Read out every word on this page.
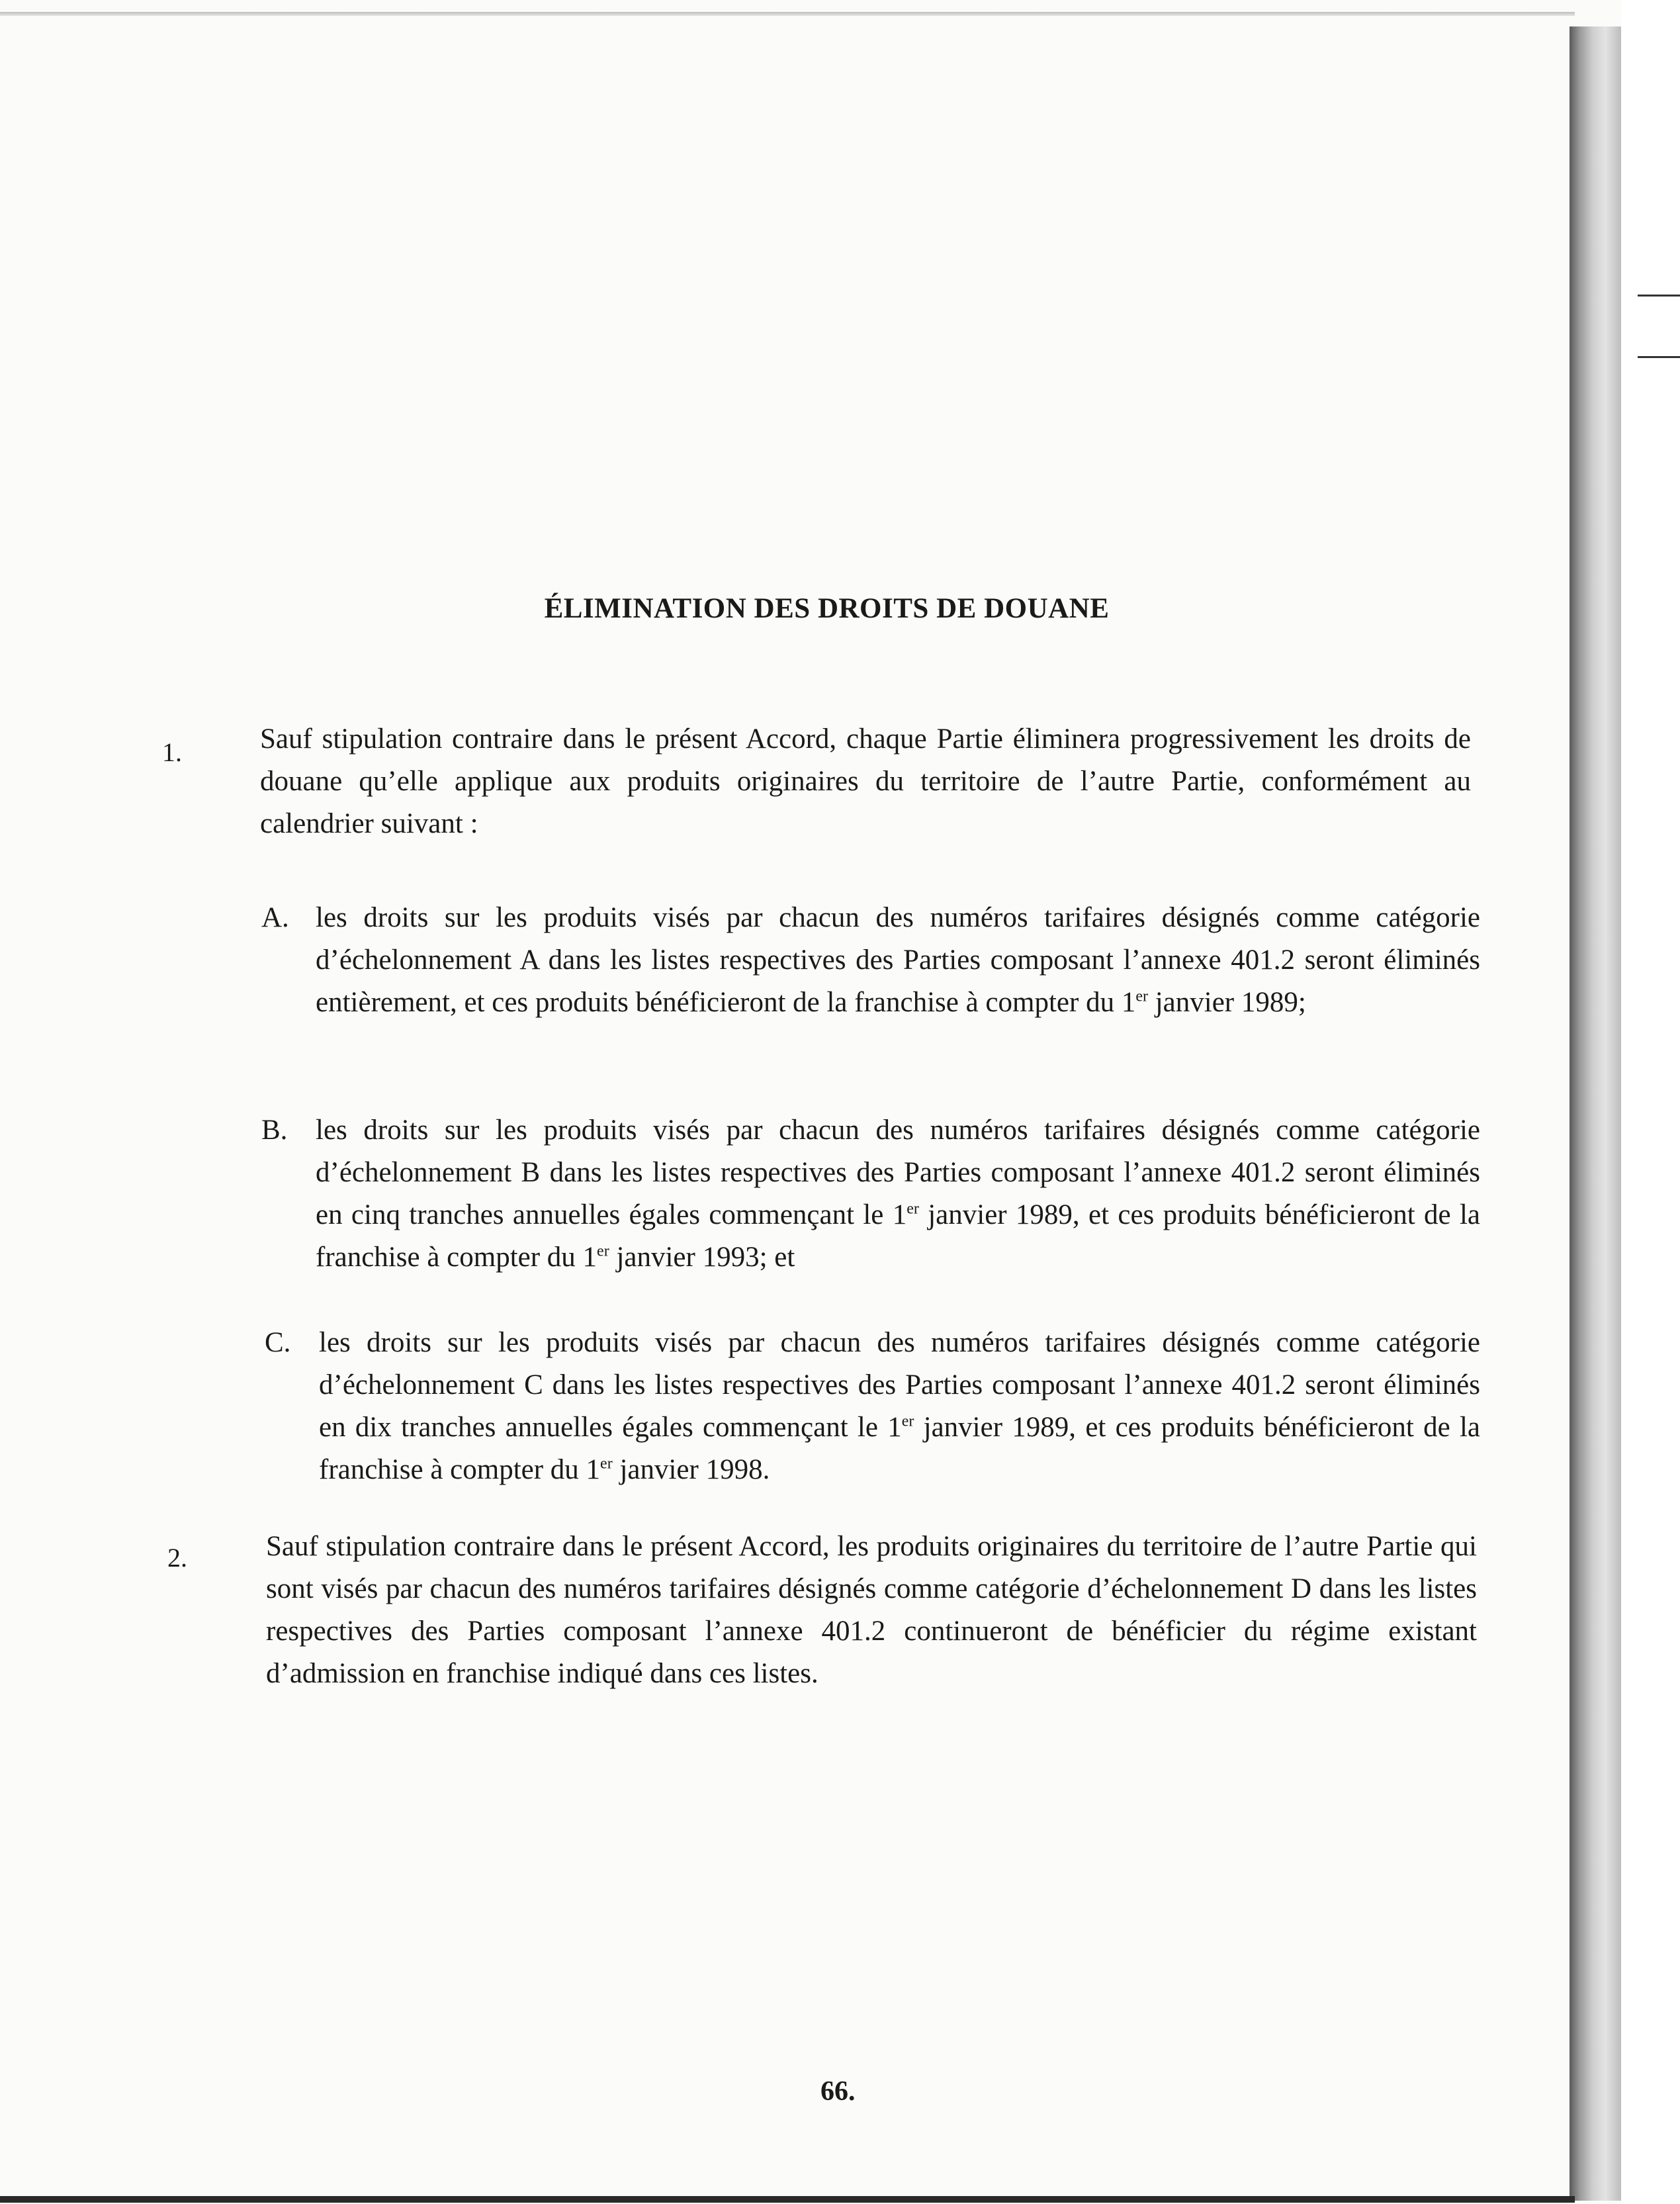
ÉLIMINATION DES DROITS DE DOUANE
1.	Sauf stipulation contraire dans le présent Accord, chaque Partie éliminera progressivement les droits de douane qu’elle applique aux produits originaires du territoire de l’autre Partie, conformément au calendrier suivant :
A. les droits sur les produits visés par chacun des numéros tarifaires désignés comme catégorie d’échelonnement A dans les listes respectives des Parties composant l’annexe 401.2 seront éliminés entièrement, et ces produits bénéficieront de la franchise à compter du 1er janvier 1989;
B. les droits sur les produits visés par chacun des numéros tarifaires désignés comme catégorie d’échelonnement B dans les listes respectives des Parties composant l’annexe 401.2 seront éliminés en cinq tranches annuelles égales commençant le 1er janvier 1989, et ces produits bénéficieront de la franchise à compter du 1er janvier 1993; et
C. les droits sur les produits visés par chacun des numéros tarifaires désignés comme catégorie d’échelonnement C dans les listes respectives des Parties composant l’annexe 401.2 seront éliminés en dix tranches annuelles égales commençant le 1er janvier 1989, et ces produits bénéficieront de la franchise à compter du 1er janvier 1998.
2.	Sauf stipulation contraire dans le présent Accord, les produits originaires du territoire de l’autre Partie qui sont visés par chacun des numéros tarifaires désignés comme catégorie d’échelonnement D dans les listes respectives des Parties composant l’annexe 401.2 continueront de bénéficier du régime existant d’admission en franchise indiqué dans ces listes.
66.
